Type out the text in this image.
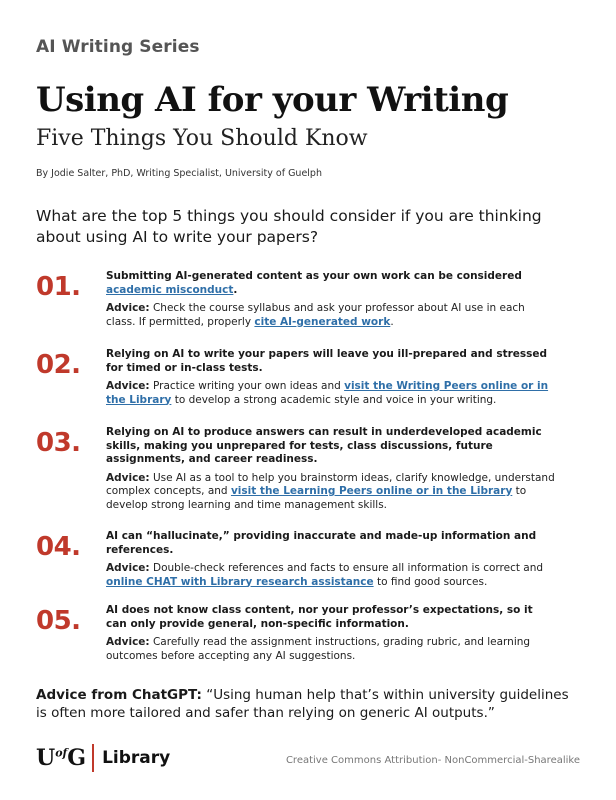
AI Writing Series
Using AI for your Writing
Five Things You Should Know
By Jodie Salter, PhD, Writing Specialist, University of Guelph
What are the top 5 things you should consider if you are thinking about using AI to write your papers?
01. Submitting AI-generated content as your own work can be considered academic misconduct.
Advice: Check the course syllabus and ask your professor about AI use in each class. If permitted, properly cite AI-generated work.
02. Relying on AI to write your papers will leave you ill-prepared and stressed for timed or in-class tests.
Advice: Practice writing your own ideas and visit the Writing Peers online or in the Library to develop a strong academic style and voice in your writing.
03. Relying on AI to produce answers can result in underdeveloped academic skills, making you unprepared for tests, class discussions, future assignments, and career readiness.
Advice: Use AI as a tool to help you brainstorm ideas, clarify knowledge, understand complex concepts, and visit the Learning Peers online or in the Library to develop strong learning and time management skills.
04. AI can “hallucinate,” providing inaccurate and made-up information and references.
Advice: Double-check references and facts to ensure all information is correct and online CHAT with Library research assistance to find good sources.
05. AI does not know class content, nor your professor’s expectations, so it can only provide general, non-specific information.
Advice: Carefully read the assignment instructions, grading rubric, and learning outcomes before accepting any AI suggestions.
Advice from ChatGPT: “Using human help that’s within university guidelines is often more tailored and safer than relying on generic AI outputs.”
$U^{of}G$ Library	Creative Commons Attribution- NonCommercial-Sharealike
